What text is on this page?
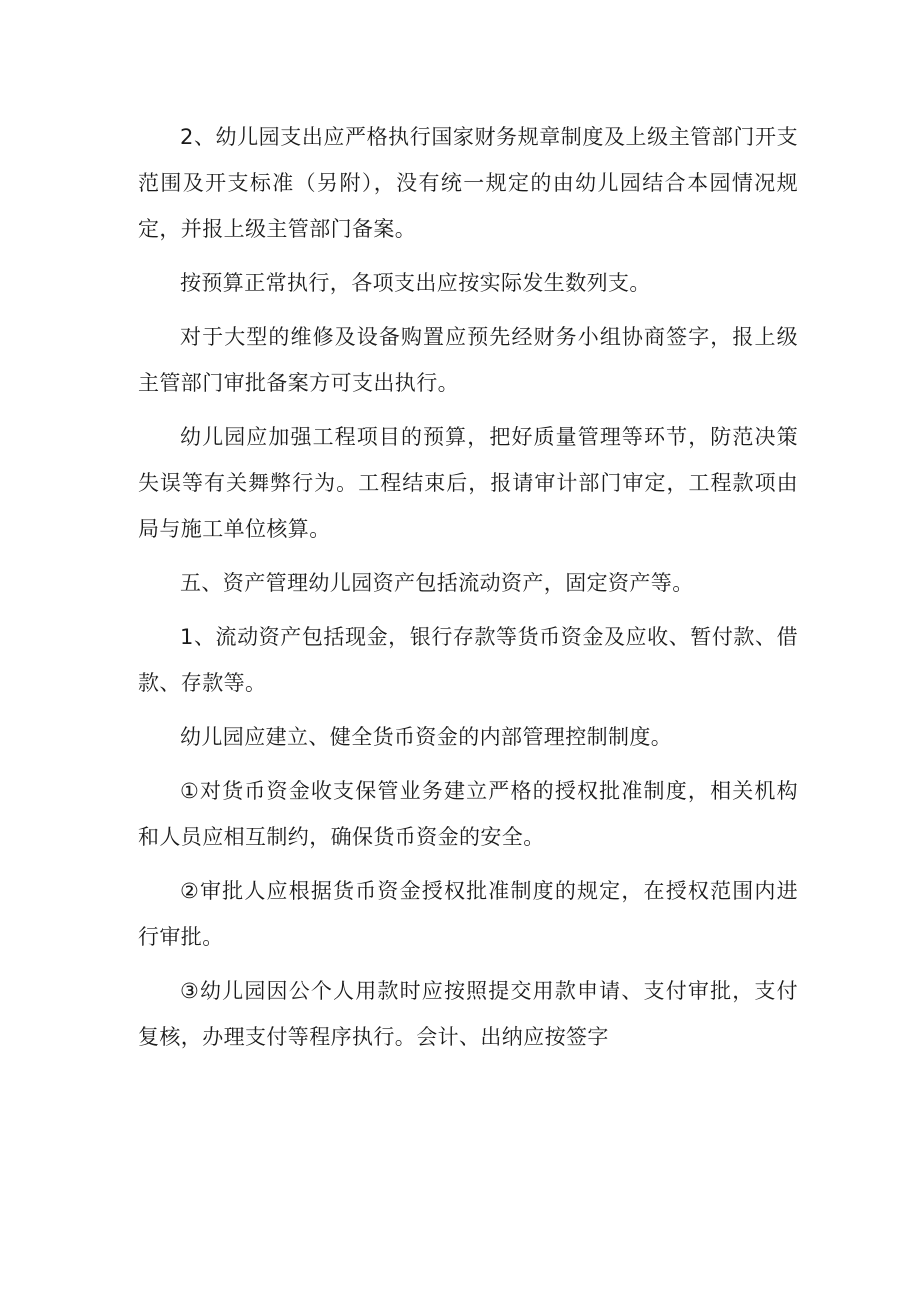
2、幼儿园支出应严格执行国家财务规章制度及上级主管部门开支范围及开支标准（另附），没有统一规定的由幼儿园结合本园情况规定，并报上级主管部门备案。

按预算正常执行，各项支出应按实际发生数列支。

对于大型的维修及设备购置应预先经财务小组协商签字，报上级主管部门审批备案方可支出执行。

幼儿园应加强工程项目的预算，把好质量管理等环节，防范决策失误等有关舞弊行为。工程结束后，报请审计部门审定，工程款项由局与施工单位核算。

五、资产管理幼儿园资产包括流动资产，固定资产等。

1、流动资产包括现金，银行存款等货币资金及应收、暂付款、借款、存款等。

幼儿园应建立、健全货币资金的内部管理控制制度。

①对货币资金收支保管业务建立严格的授权批准制度，相关机构和人员应相互制约，确保货币资金的安全。

②审批人应根据货币资金授权批准制度的规定，在授权范围内进行审批。

③幼儿园因公个人用款时应按照提交用款申请、支付审批，支付复核，办理支付等程序执行。会计、出纳应按签字
